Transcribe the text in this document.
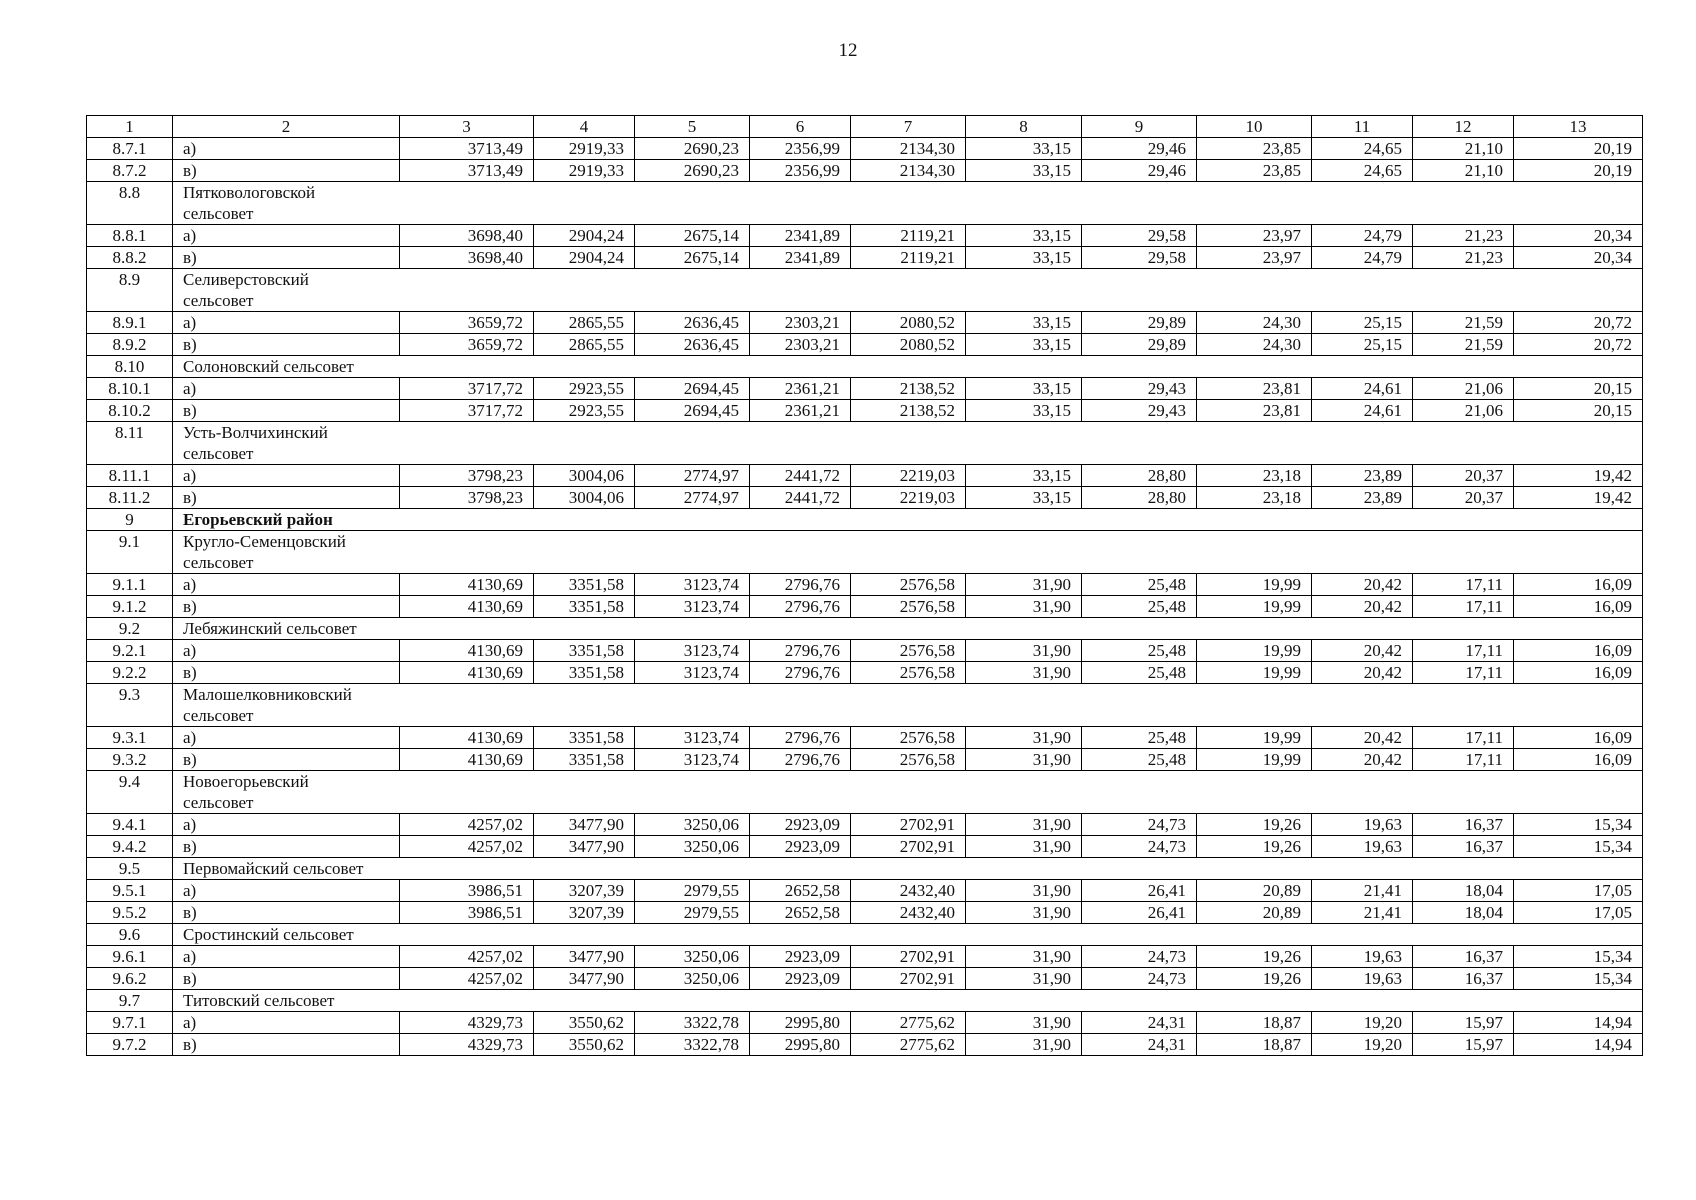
12
1	2	3	4	5	6	7	8	9	10	11	12	13
8.7.1	а)	3713,49	2919,33	2690,23	2356,99	2134,30	33,15	29,46	23,85	24,65	21,10	20,19
8.7.2	в)	3713,49	2919,33	2690,23	2356,99	2134,30	33,15	29,46	23,85	24,65	21,10	20,19
8.8	Пятковологовской сельсовет											

8.8.1	а)	3698,40	2904,24	2675,14	2341,89	2119,21	33,15	29,58	23,97	24,79	21,23	20,34
8.8.2	в)	3698,40	2904,24	2675,14	2341,89	2119,21	33,15	29,58	23,97	24,79	21,23	20,34
8.9	Селиверстовский сельсовет											

8.9.1	а)	3659,72	2865,55	2636,45	2303,21	2080,52	33,15	29,89	24,30	25,15	21,59	20,72
8.9.2	в)	3659,72	2865,55	2636,45	2303,21	2080,52	33,15	29,89	24,30	25,15	21,59	20,72
8.10	Солоновский сельсовет											
8.10.1	а)	3717,72	2923,55	2694,45	2361,21	2138,52	33,15	29,43	23,81	24,61	21,06	20,15
8.10.2	в)	3717,72	2923,55	2694,45	2361,21	2138,52	33,15	29,43	23,81	24,61	21,06	20,15
8.11	Усть-Волчихинский сельсовет											

8.11.1	а)	3798,23	3004,06	2774,97	2441,72	2219,03	33,15	28,80	23,18	23,89	20,37	19,42
8.11.2	в)	3798,23	3004,06	2774,97	2441,72	2219,03	33,15	28,80	23,18	23,89	20,37	19,42
9	Егорьевский район											
9.1	Кругло-Семенцовский сельсовет											

9.1.1	а)	4130,69	3351,58	3123,74	2796,76	2576,58	31,90	25,48	19,99	20,42	17,11	16,09
9.1.2	в)	4130,69	3351,58	3123,74	2796,76	2576,58	31,90	25,48	19,99	20,42	17,11	16,09
9.2	Лебяжинский сельсовет											
9.2.1	а)	4130,69	3351,58	3123,74	2796,76	2576,58	31,90	25,48	19,99	20,42	17,11	16,09
9.2.2	в)	4130,69	3351,58	3123,74	2796,76	2576,58	31,90	25,48	19,99	20,42	17,11	16,09
9.3	Малошелковниковский сельсовет											

9.3.1	а)	4130,69	3351,58	3123,74	2796,76	2576,58	31,90	25,48	19,99	20,42	17,11	16,09
9.3.2	в)	4130,69	3351,58	3123,74	2796,76	2576,58	31,90	25,48	19,99	20,42	17,11	16,09
9.4	Новоегорьевский сельсовет											

9.4.1	а)	4257,02	3477,90	3250,06	2923,09	2702,91	31,90	24,73	19,26	19,63	16,37	15,34
9.4.2	в)	4257,02	3477,90	3250,06	2923,09	2702,91	31,90	24,73	19,26	19,63	16,37	15,34
9.5	Первомайский сельсовет											
9.5.1	а)	3986,51	3207,39	2979,55	2652,58	2432,40	31,90	26,41	20,89	21,41	18,04	17,05
9.5.2	в)	3986,51	3207,39	2979,55	2652,58	2432,40	31,90	26,41	20,89	21,41	18,04	17,05
9.6	Сростинский сельсовет											
9.6.1	а)	4257,02	3477,90	3250,06	2923,09	2702,91	31,90	24,73	19,26	19,63	16,37	15,34
9.6.2	в)	4257,02	3477,90	3250,06	2923,09	2702,91	31,90	24,73	19,26	19,63	16,37	15,34
9.7	Титовский сельсовет											
9.7.1	а)	4329,73	3550,62	3322,78	2995,80	2775,62	31,90	24,31	18,87	19,20	15,97	14,94
9.7.2	в)	4329,73	3550,62	3322,78	2995,80	2775,62	31,90	24,31	18,87	19,20	15,97	14,94
